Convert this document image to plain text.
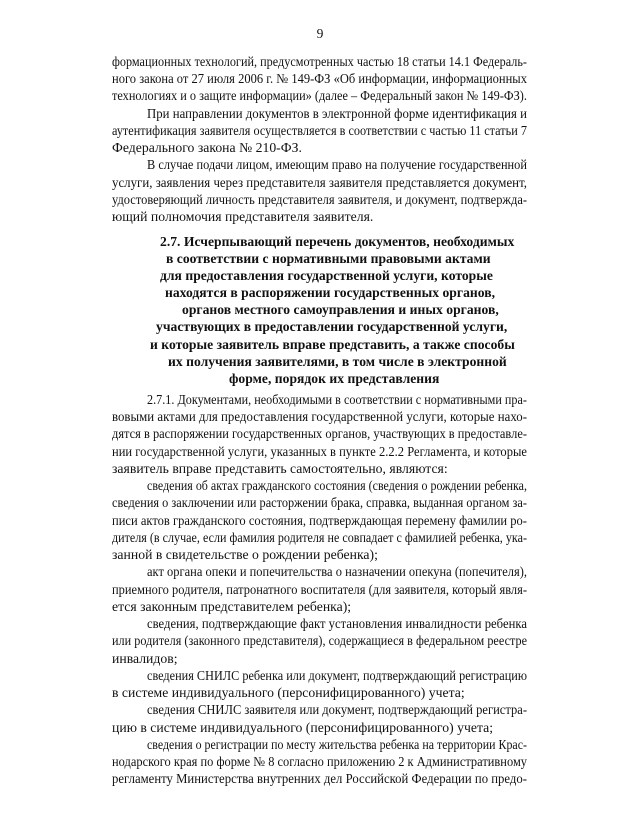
9
формационных технологий, предусмотренных частью 18 статьи 14.1 Федераль-
ного закона от 27 июля 2006 г. № 149-ФЗ «Об информации, информационных
технологиях и о защите информации» (далее – Федеральный закон № 149-ФЗ).
При направлении документов в электронной форме идентификация и
аутентификация заявителя осуществляется в соответствии с частью 11 статьи 7
Федерального закона № 210-ФЗ.
В случае подачи лицом, имеющим право на получение государственной
услуги, заявления через представителя заявителя представляется документ,
удостоверяющий личность представителя заявителя, и документ, подтвержда-
ющий полномочия представителя заявителя.
2.7. Исчерпывающий перечень документов, необходимых
в соответствии с нормативными правовыми актами
для предоставления государственной услуги, которые
находятся в распоряжении государственных органов,
органов местного самоуправления и иных органов,
участвующих в предоставлении государственной услуги,
и которые заявитель вправе представить, а также способы
их получения заявителями, в том числе в электронной
форме, порядок их представления
2.7.1. Документами, необходимыми в соответствии с нормативными пра-
вовыми актами для предоставления государственной услуги, которые нахо-
дятся в распоряжении государственных органов, участвующих в предоставле-
нии государственной услуги, указанных в пункте 2.2.2 Регламента, и которые
заявитель вправе представить самостоятельно, являются:
сведения об актах гражданского состояния (сведения о рождении ребенка,
сведения о заключении или расторжении брака, справка, выданная органом за-
писи актов гражданского состояния, подтверждающая перемену фамилии ро-
дителя (в случае, если фамилия родителя не совпадает с фамилией ребенка, ука-
занной в свидетельстве о рождении ребенка);
акт органа опеки и попечительства о назначении опекуна (попечителя),
приемного родителя, патронатного воспитателя (для заявителя, который явля-
ется законным представителем ребенка);
сведения, подтверждающие факт установления инвалидности ребенка
или родителя (законного представителя), содержащиеся в федеральном реестре
инвалидов;
сведения СНИЛС ребенка или документ, подтверждающий регистрацию
в системе индивидуального (персонифицированного) учета;
сведения СНИЛС заявителя или документ, подтверждающий регистра-
цию в системе индивидуального (персонифицированного) учета;
сведения о регистрации по месту жительства ребенка на территории Крас-
нодарского края по форме № 8 согласно приложению 2 к Административному
регламенту Министерства внутренних дел Российской Федерации по предо-
